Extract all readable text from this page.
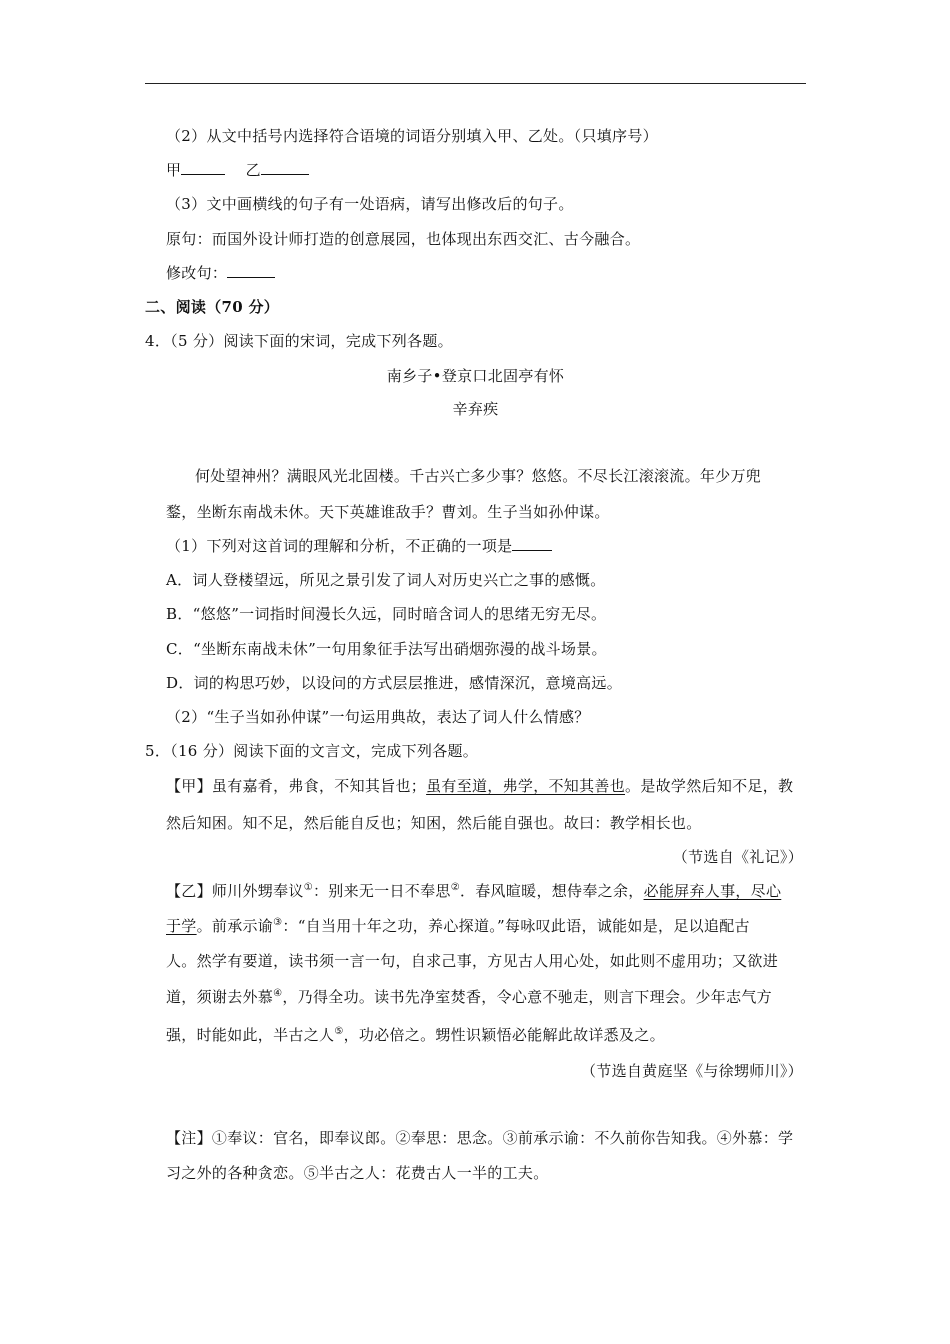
（2）从文中括号内选择符合语境的词语分别填入甲、乙处。（只填序号）
甲	乙
（3）文中画横线的句子有一处语病，请写出修改后的句子。
原句：而国外设计师打造的创意展园，也体现出东西交汇、古今融合。
修改句：
二、阅读（70 分）
4．（5 分）阅读下面的宋词，完成下列各题。
南乡子•登京口北固亭有怀
辛弃疾
何处望神州？满眼风光北固楼。千古兴亡多少事？悠悠。不尽长江滚滚流。年少万兜
鍪，坐断东南战未休。天下英雄谁敌手？曹刘。生子当如孙仲谋。
（1）下列对这首词的理解和分析，不正确的一项是
A．词人登楼望远，所见之景引发了词人对历史兴亡之事的感慨。
B．“悠悠”一词指时间漫长久远，同时暗含词人的思绪无穷无尽。
C．“坐断东南战未休”一句用象征手法写出硝烟弥漫的战斗场景。
D．词的构思巧妙，以设问的方式层层推进，感情深沉，意境高远。
（2）“生子当如孙仲谋”一句运用典故，表达了词人什么情感？
5．（16 分）阅读下面的文言文，完成下列各题。
【甲】虽有嘉肴，弗食，不知其旨也；虽有至道，弗学，不知其善也。是故学然后知不足，教
然后知困。知不足，然后能自反也；知困，然后能自强也。故曰：教学相长也。
（节选自《礼记》）
【乙】师川外甥奉议①：别来无一日不奉思②．春风暄暖，想侍奉之余，必能屏弃人事，尽心
于学。前承示谕③：“自当用十年之功，养心探道。”每咏叹此语，诚能如是，足以追配古
人。然学有要道，读书须一言一句，自求己事，方见古人用心处，如此则不虚用功；又欲进
道，须谢去外慕④，乃得全功。读书先净室焚香，令心意不驰走，则言下理会。少年志气方
强，时能如此，半古之人⑤，功必倍之。甥性识颖悟必能解此故详悉及之。
（节选自黄庭坚《与徐甥师川》）
【注】①奉议：官名，即奉议郎。②奉思：思念。③前承示谕：不久前你告知我。④外慕：学
习之外的各种贪恋。⑤半古之人：花费古人一半的工夫。
